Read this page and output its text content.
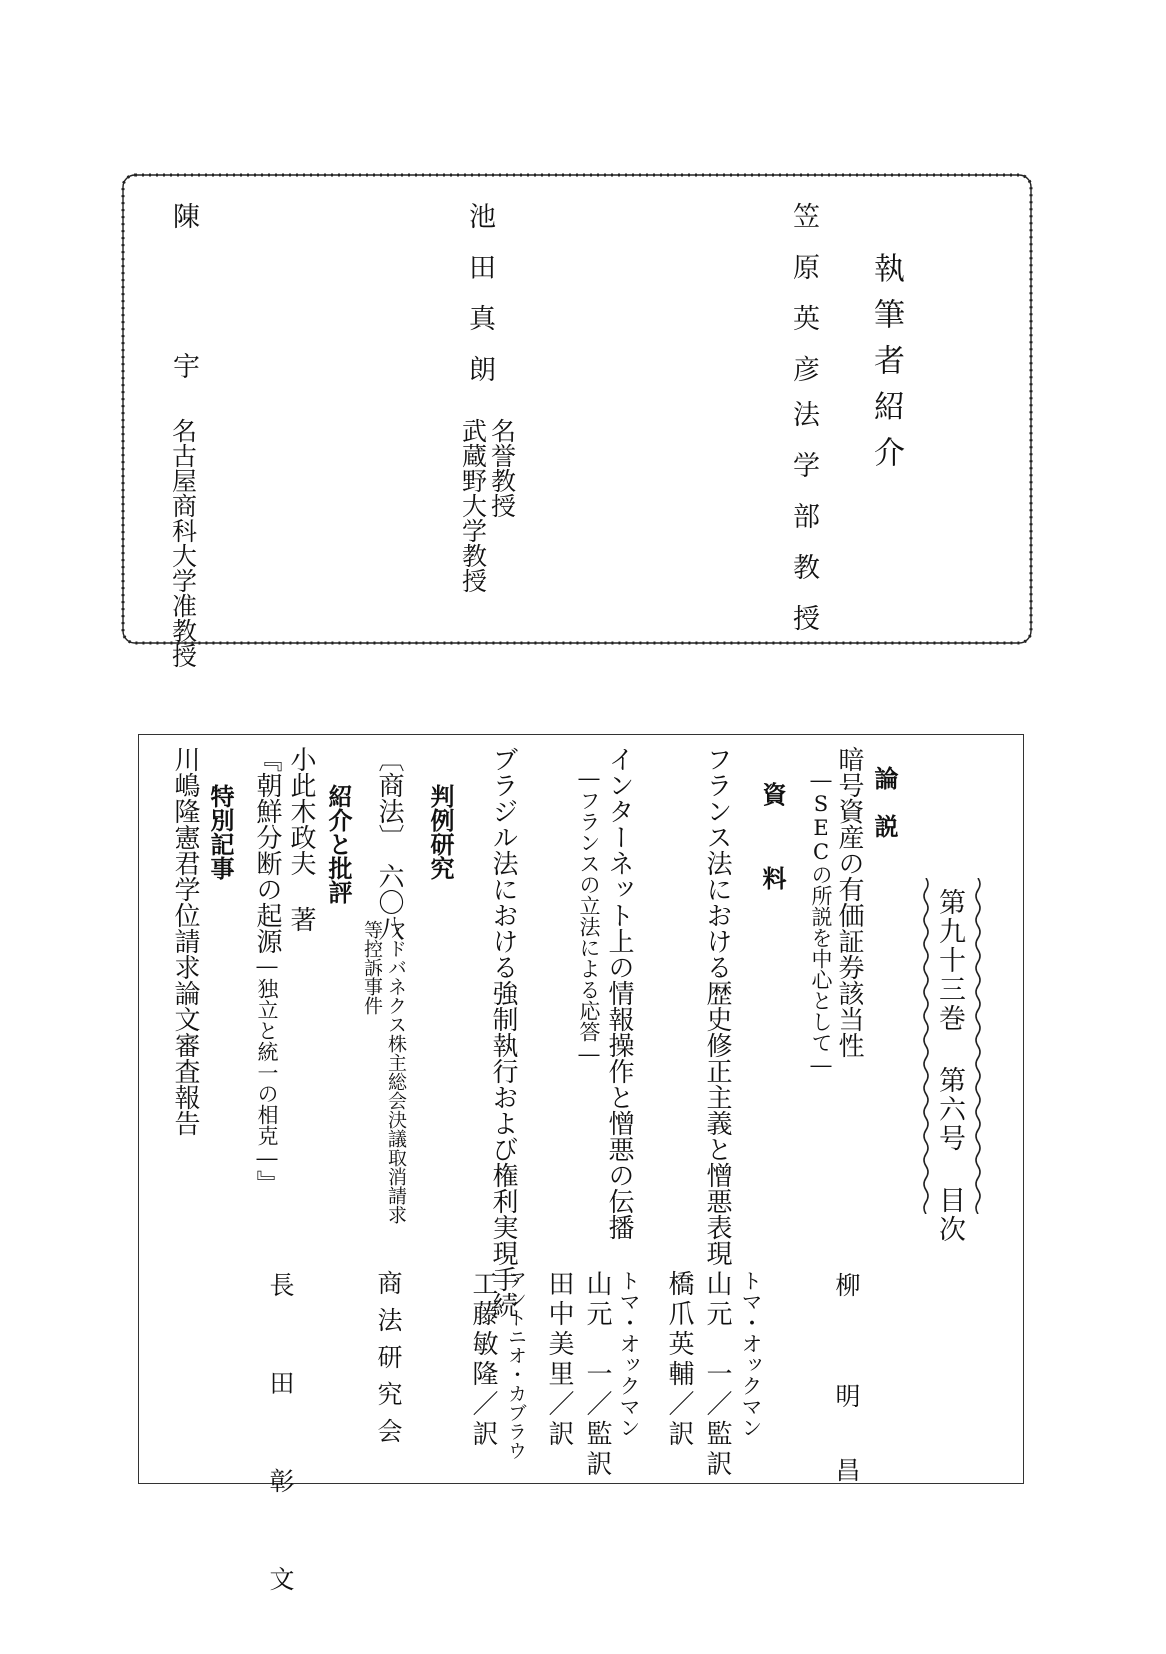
執筆者紹介
笠原英彦
法学部教授
池田真朗
名誉教授
武蔵野大学教授
陳
宇
名古屋商科大学准教授
第九十三巻 第六号 目次
論　説
暗号資産の有価証券該当性
―SECの所説を中心として―
柳　　明　昌
資　料
フランス法における歴史修正主義と憎悪表現
トマ・オックマン
山元　一／監訳
橋爪英輔／訳
インターネット上の情報操作と憎悪の伝播
―フランスの立法による応答―
トマ・オックマン
山元　一／監訳
田中美里／訳
ブラジル法における強制執行および権利実現手続
アントニオ・カブラウ
工藤敏隆／訳
判例研究
〔商法〕　六〇八
アドバネクス株主総会決議取消請求
等控訴事件
商法研究会
紹介と批評
小此木政夫 著
『朝鮮分断の起源―独立と統一の相克―』
長　田　彰　文
特別記事
川嶋隆憲君学位請求論文審査報告
